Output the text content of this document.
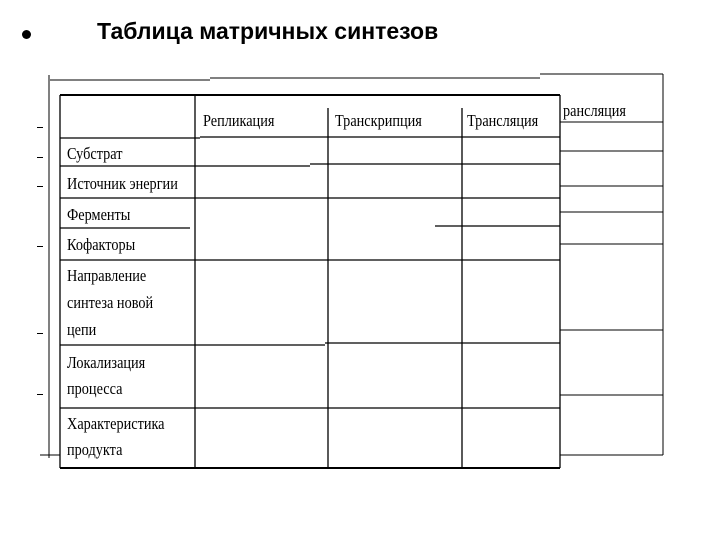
Таблица матричных синтезов
Репликация	Транскрипция	Трансляция
ранcляция
Субстрат
Источник энергии
Ферменты
Кофакторы
Направление
синтеза новой
цепи
Локализация
процесса
Характеристика
продукта
